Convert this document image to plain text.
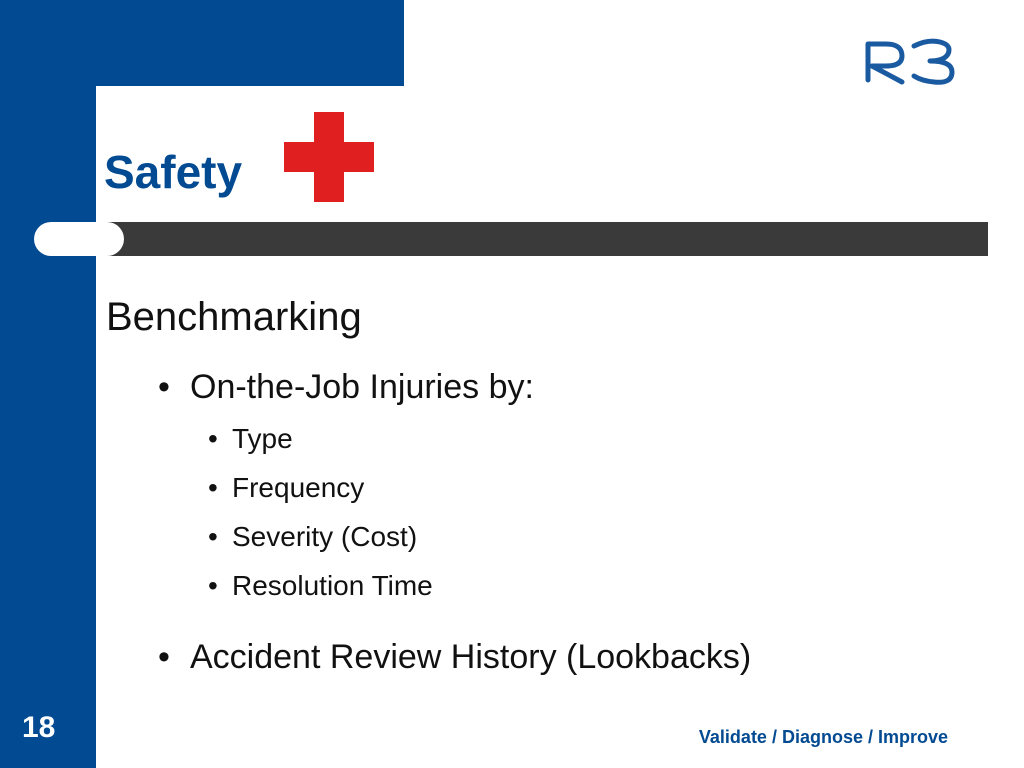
Safety
Benchmarking
• On-the-Job Injuries by:
• Type
• Frequency
• Severity (Cost)
• Resolution Time
• Accident Review History (Lookbacks)
18	Validate / Diagnose / Improve
